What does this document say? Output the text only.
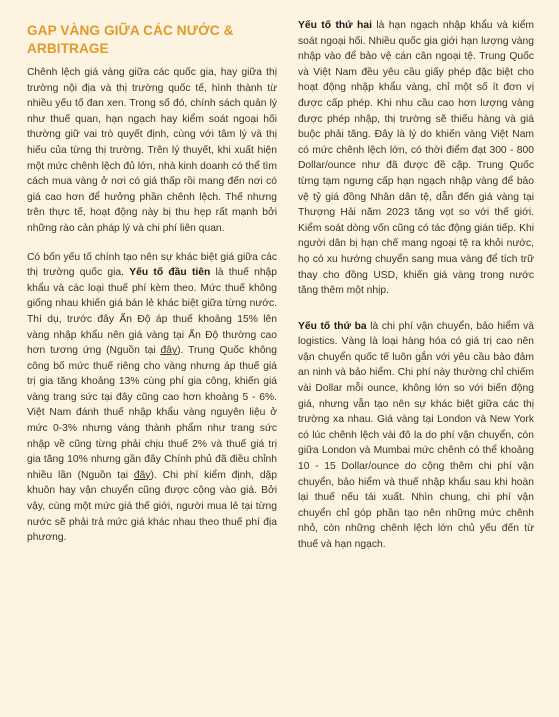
GAP VÀNG GIỮA CÁC NƯỚC & ARBITRAGE

Chênh lệch giá vàng giữa các quốc gia, hay giữa thị trường nội địa và thị trường quốc tế, hình thành từ nhiều yếu tố đan xen. Trong số đó, chính sách quản lý như thuế quan, hạn ngạch hay kiểm soát ngoại hối thường giữ vai trò quyết định, cùng với tâm lý và thị hiếu của từng thị trường. Trên lý thuyết, khi xuất hiện một mức chênh lệch đủ lớn, nhà kinh doanh có thể tìm cách mua vàng ở nơi có giá thấp rồi mang đến nơi có giá cao hơn để hưởng phần chênh lệch. Thế nhưng trên thực tế, hoạt động này bị thu hẹp rất mạnh bởi những rào cản pháp lý và chi phí liên quan.

Có bốn yếu tố chính tạo nên sự khác biệt giá giữa các thị trường quốc gia. Yếu tố đầu tiên là thuế nhập khẩu và các loại thuế phí kèm theo. Mức thuế không giống nhau khiến giá bán lẻ khác biệt giữa từng nước. Thí dụ, trước đây Ấn Độ áp thuế khoảng 15% lên vàng nhập khẩu nên giá vàng tại Ấn Độ thường cao hơn tương ứng (Nguồn tại đây). Trung Quốc không công bố mức thuế riêng cho vàng nhưng áp thuế giá trị gia tăng khoảng 13% cùng phí gia công, khiến giá vàng trang sức tại đây cũng cao hơn khoảng 5 - 6%. Việt Nam đánh thuế nhập khẩu vàng nguyên liệu ở mức 0-3% nhưng vàng thành phẩm như trang sức nhập về cũng từng phải chịu thuế 2% và thuế giá trị gia tăng 10% nhưng gần đây Chính phủ đã điều chỉnh nhiều lần (Nguồn tại đây). Chi phí kiểm định, dập khuôn hay vận chuyển cũng được cộng vào giá. Bởi vậy, cùng một mức giá thế giới, người mua lẻ tại từng nước sẽ phải trả mức giá khác nhau theo thuế phí địa phương.

Yếu tố thứ hai là hạn ngạch nhập khẩu và kiểm soát ngoại hối. Nhiều quốc gia giới hạn lượng vàng nhập vào để bảo vệ cán cân ngoại tệ. Trung Quốc và Việt Nam đều yêu cầu giấy phép đặc biệt cho hoạt động nhập khẩu vàng, chỉ một số ít đơn vị được cấp phép. Khi nhu cầu cao hơn lượng vàng được phép nhập, thị trường sẽ thiếu hàng và giá buộc phải tăng. Đây là lý do khiến vàng Việt Nam có mức chênh lệch lớn, có thời điểm đạt 300 - 800 Dollar/ounce như đã được đề cập. Trung Quốc từng tạm ngưng cấp hạn ngạch nhập vàng để bảo vệ tỷ giá đồng Nhân dân tệ, dẫn đến giá vàng tại Thượng Hải năm 2023 tăng vọt so với thế giới. Kiểm soát dòng vốn cũng có tác động gián tiếp. Khi người dân bị hạn chế mang ngoại tệ ra khỏi nước, họ có xu hướng chuyển sang mua vàng để tích trữ thay cho đồng USD, khiến giá vàng trong nước tăng thêm một nhịp.

Yếu tố thứ ba là chi phí vận chuyển, bảo hiểm và logistics. Vàng là loại hàng hóa có giá trị cao nên vận chuyển quốc tế luôn gắn với yêu cầu bảo đảm an ninh và bảo hiểm. Chi phí này thường chỉ chiếm vài Dollar mỗi ounce, không lớn so với biến động giá, nhưng vẫn tạo nên sự khác biệt giữa các thị trường xa nhau. Giá vàng tại London và New York có lúc chênh lệch vài đô la do phí vận chuyển, còn giữa London và Mumbai mức chênh có thể khoảng 10 - 15 Dollar/ounce do cộng thêm chi phí vận chuyển, bảo hiểm và thuế nhập khẩu sau khi hoàn lại thuế nếu tái xuất. Nhìn chung, chi phí vận chuyển chỉ góp phần tạo nên những mức chênh nhỏ, còn những chênh lệch lớn chủ yếu đến từ thuế và hạn ngạch.
